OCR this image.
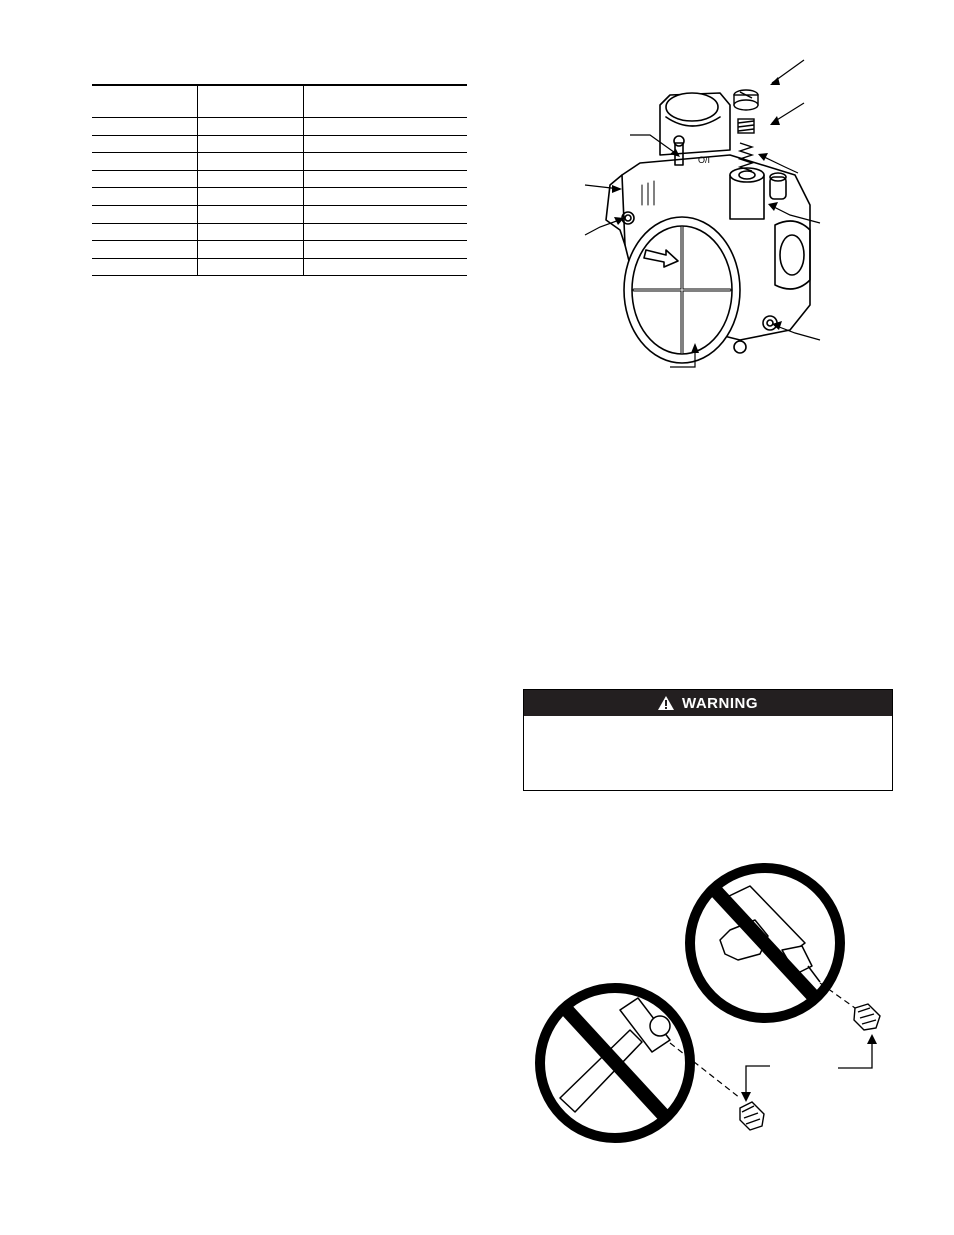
O/I
WARNING
